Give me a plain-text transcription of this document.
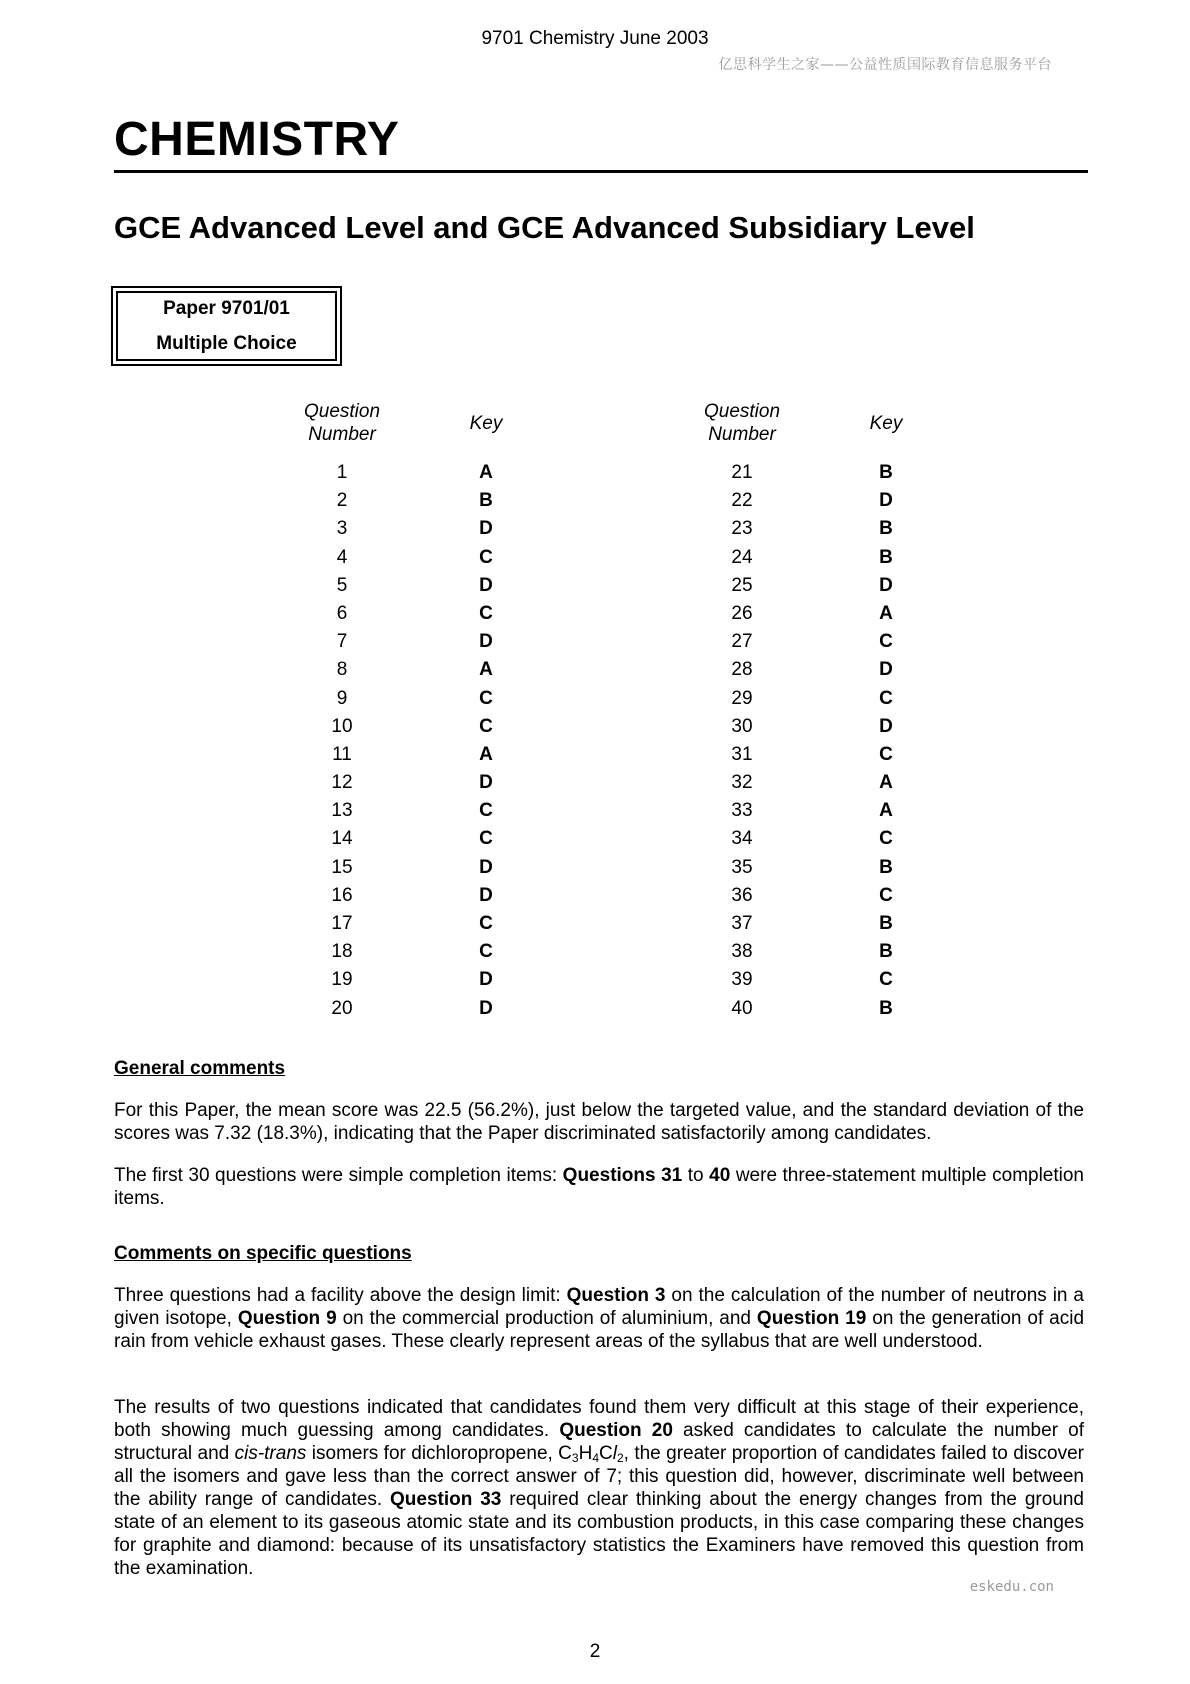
9701 Chemistry June 2003
亿思科学生之家——公益性质国际教育信息服务平台
CHEMISTRY
GCE Advanced Level and GCE Advanced Subsidiary Level
Paper 9701/01
Multiple Choice
Question
Number
Key
Question
Number
Key
1
2
3
4
5
6
7
8
9
10
11
12
13
14
15
16
17
18
19
20
A
B
D
C
D
C
D
A
C
C
A
D
C
C
D
D
C
C
D
D
21
22
23
24
25
26
27
28
29
30
31
32
33
34
35
36
37
38
39
40
B
D
B
B
D
A
C
D
C
D
C
A
A
C
B
C
B
B
C
B
General comments
For this Paper, the mean score was 22.5 (56.2%), just below the targeted value, and the standard deviation of the scores was 7.32 (18.3%), indicating that the Paper discriminated satisfactorily among candidates.
The first 30 questions were simple completion items: Questions 31 to 40 were three-statement multiple completion items.
Comments on specific questions
Three questions had a facility above the design limit: Question 3 on the calculation of the number of neutrons in a given isotope, Question 9 on the commercial production of aluminium, and Question 19 on the generation of acid rain from vehicle exhaust gases. These clearly represent areas of the syllabus that are well understood.
The results of two questions indicated that candidates found them very difficult at this stage of their experience, both showing much guessing among candidates. Question 20 asked candidates to calculate the number of structural and cis-trans isomers for dichloropropene, $C_3H_4Cl_2$, the greater proportion of candidates failed to discover all the isomers and gave less than the correct answer of 7; this question did, however, discriminate well between the ability range of candidates. Question 33 required clear thinking about the energy changes from the ground state of an element to its gaseous atomic state and its combustion products, in this case comparing these changes for graphite and diamond: because of its unsatisfactory statistics the Examiners have removed this question from the examination.
eskedu.con
2
